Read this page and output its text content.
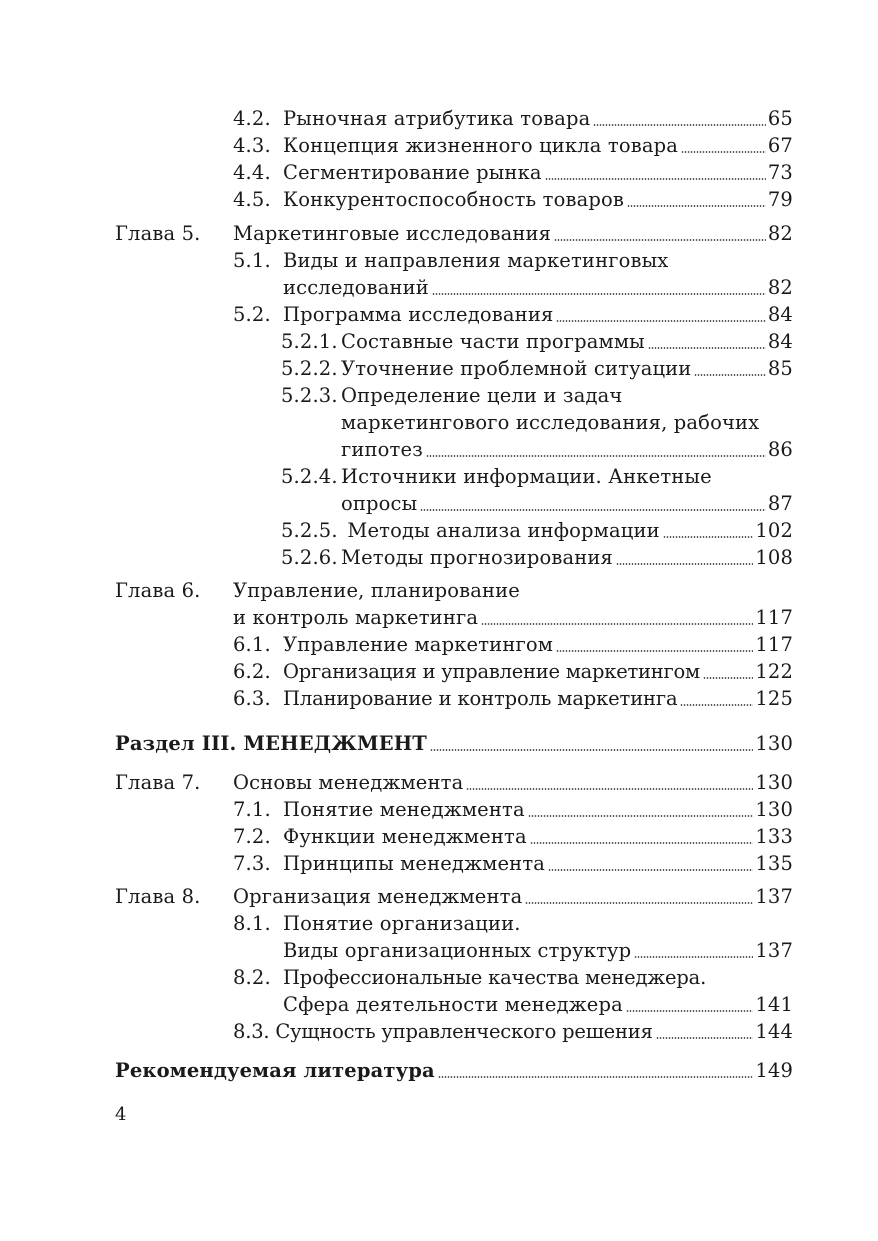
4.2. Рыночная атрибутика товара	65
4.3. Концепция жизненного цикла товара	67
4.4. Сегментирование рынка	73
4.5. Конкурентоспособность товаров	79
Глава 5. Маркетинговые исследования	82
5.1. Виды и направления маркетинговых
исследований	82
5.2. Программа исследования	84
5.2.1. Составные части программы	84
5.2.2. Уточнение проблемной ситуации	85
5.2.3. Определение цели и задач
маркетингового исследования, рабочих
гипотез	86
5.2.4. Источники информации. Анкетные
опросы	87
5.2.5. Методы анализа информации	102
5.2.6. Методы прогнозирования	108
Глава 6. Управление, планирование
и контроль маркетинга	117
6.1. Управление маркетингом	117
6.2. Организация и управление маркетингом	122
6.3. Планирование и контроль маркетинга	125
Раздел III. МЕНЕДЖМЕНТ	130
Глава 7. Основы менеджмента	130
7.1. Понятие менеджмента	130
7.2. Функции менеджмента	133
7.3. Принципы менеджмента	135
Глава 8. Организация менеджмента	137
8.1. Понятие организации.
Виды организационных структур	137
8.2. Профессиональные качества менеджера.
Сфера деятельности менеджера	141
8.3. Сущность управленческого решения	144
Рекомендуемая литература	149
4
